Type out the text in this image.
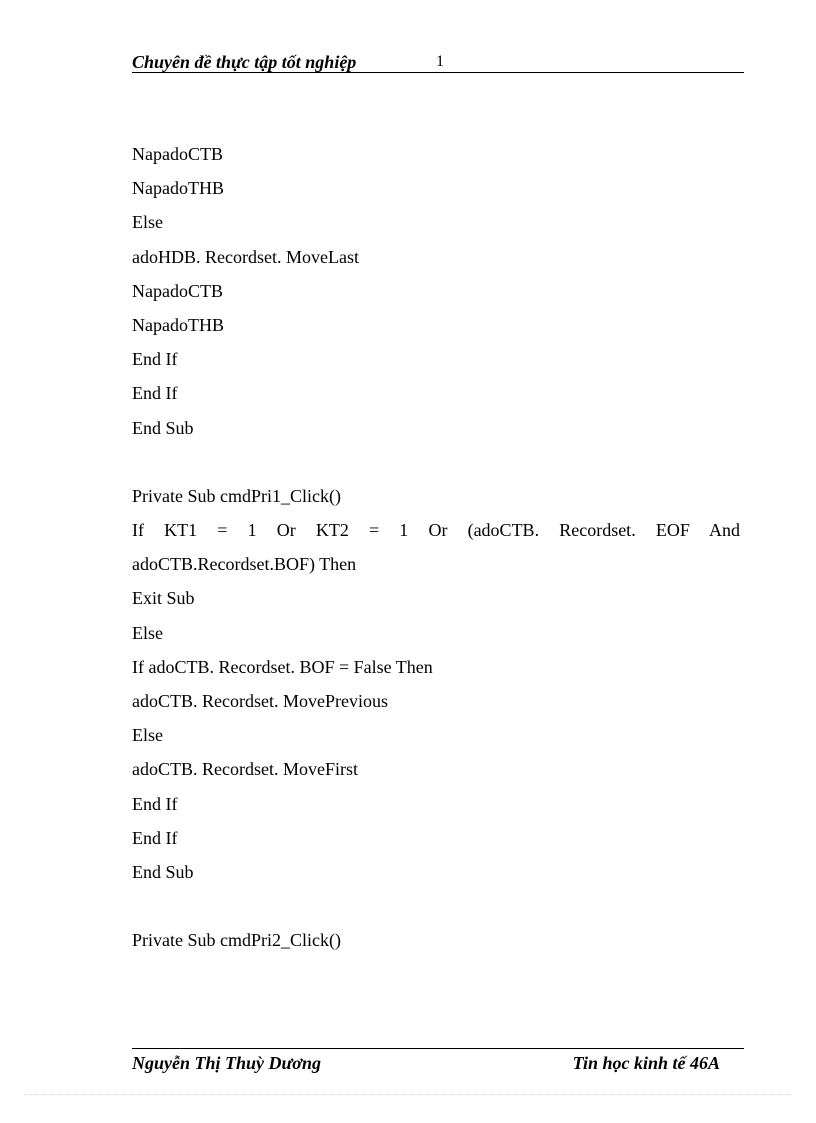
Chuyên đề thực tập tốt nghiệp	1
NapadoCTB
NapadoTHB
Else
adoHDB. Recordset. MoveLast
NapadoCTB
NapadoTHB
End If
End If
End Sub
Private Sub cmdPri1_Click()
If KT1 = 1 Or KT2 = 1 Or (adoCTB. Recordset. EOF And
adoCTB.Recordset.BOF) Then
Exit Sub
Else
If adoCTB. Recordset. BOF = False Then
adoCTB. Recordset. MovePrevious
Else
adoCTB. Recordset. MoveFirst
End If
End If
End Sub
Private Sub cmdPri2_Click()
Nguyễn Thị Thuỳ Dương	Tin học kinh tế 46A
